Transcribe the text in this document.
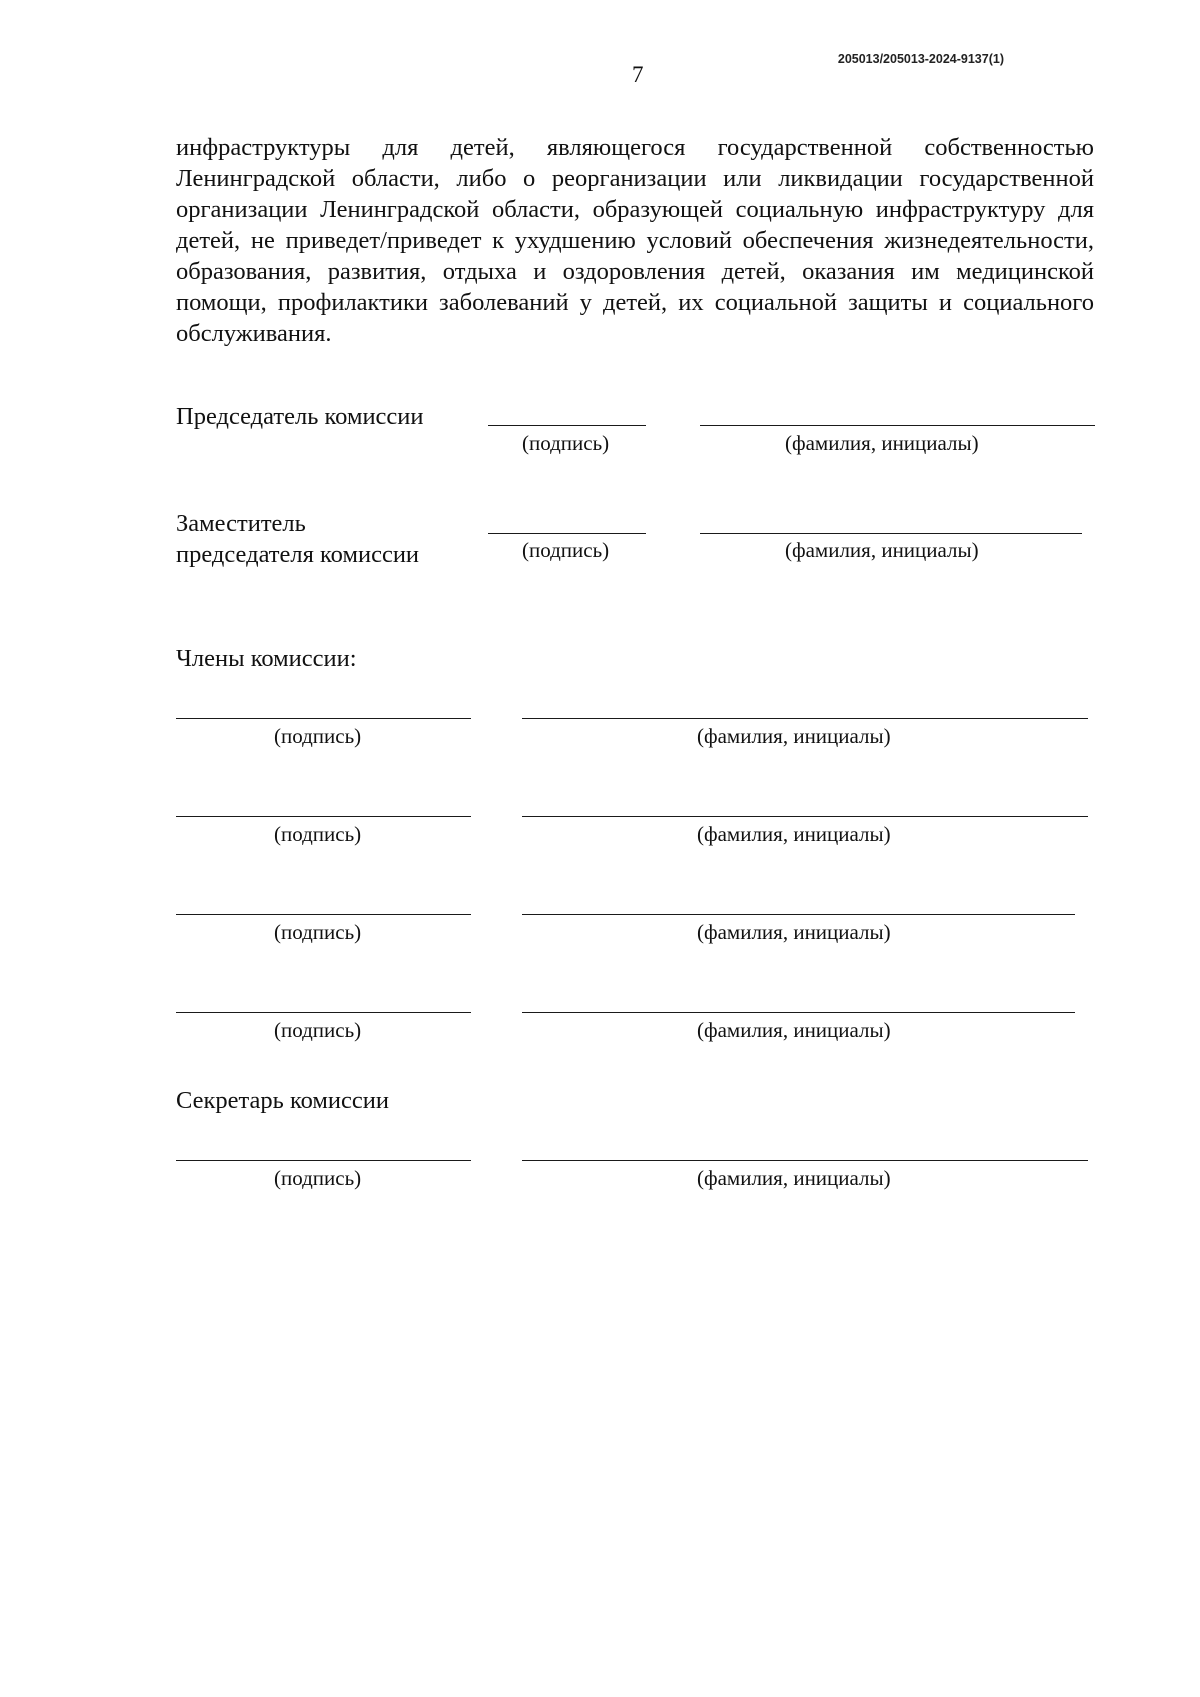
205013/205013-2024-9137(1)
7
инфраструктуры для детей, являющегося государственной собственностью Ленинградской области, либо о реорганизации или ликвидации государственной организации Ленинградской области, образующей социальную инфраструктуру для детей, не приведет/приведет к ухудшению условий обеспечения жизнедеятельности, образования, развития, отдыха и оздоровления детей, оказания им медицинской помощи, профилактики заболеваний у детей, их социальной защиты и социального обслуживания.
Председатель комиссии
(подпись)	(фамилия, инициалы)
Заместитель
председателя комиссии	(подпись)	(фамилия, инициалы)
Члены комиссии:
(подпись)	(фамилия, инициалы)
(подпись)	(фамилия, инициалы)
(подпись)	(фамилия, инициалы)
(подпись)	(фамилия, инициалы)
Секретарь комиссии
(подпись)	(фамилия, инициалы)
